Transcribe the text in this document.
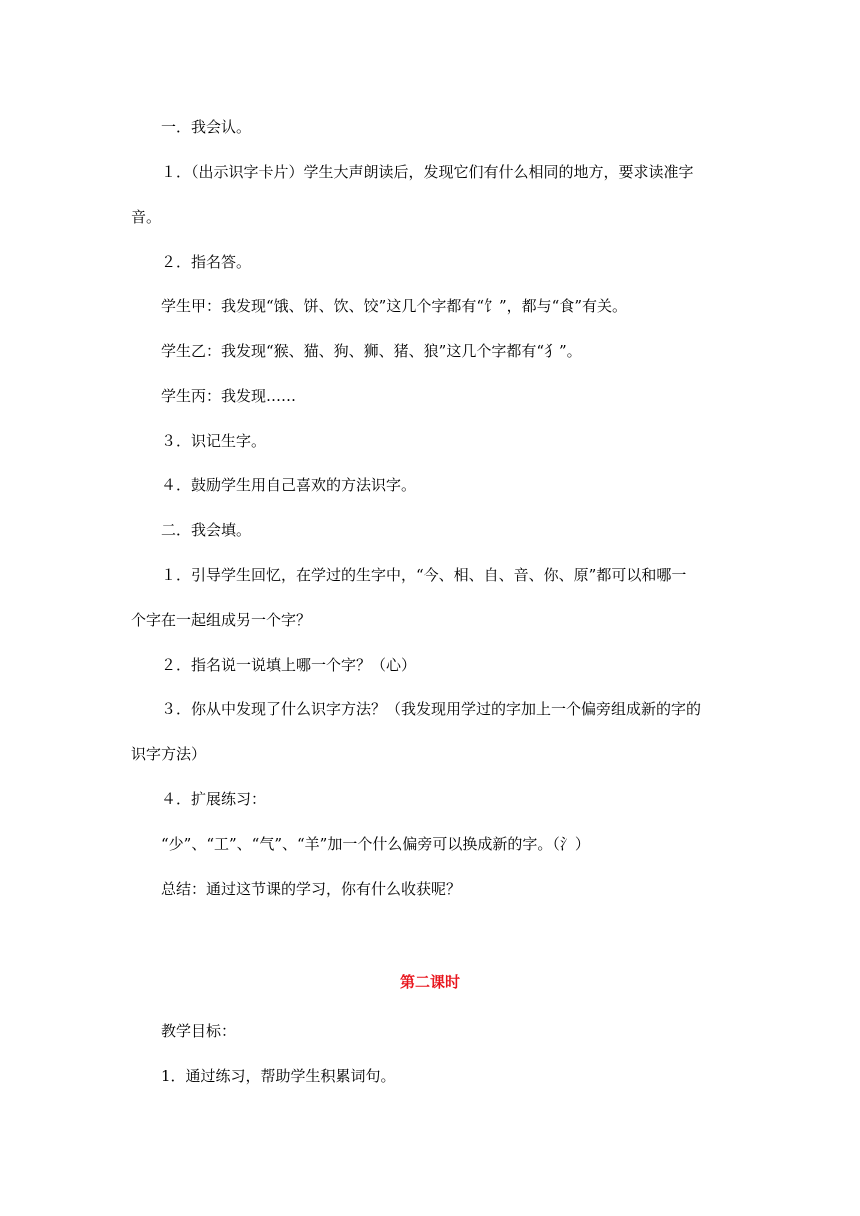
一．我会认。
１．（出示识字卡片）学生大声朗读后，发现它们有什么相同的地方，要求读准字
音。
２．指名答。
学生甲：我发现“饿、饼、饮、饺”这几个字都有“饣”，都与“食”有关。
学生乙：我发现“猴、猫、狗、狮、猪、狼”这几个字都有“犭”。
学生丙：我发现……
３．识记生字。
４．鼓励学生用自己喜欢的方法识字。
二．我会填。
１．引导学生回忆，在学过的生字中，“今、相、自、音、你、原”都可以和哪一
个字在一起组成另一个字？
２．指名说一说填上哪一个字？（心）
３．你从中发现了什么识字方法？（我发现用学过的字加上一个偏旁组成新的字的
识字方法）
４．扩展练习：
“少”、“工”、“气”、“羊”加一个什么偏旁可以换成新的字。（氵）
总结：通过这节课的学习，你有什么收获呢？
第二课时
教学目标：
1．通过练习，帮助学生积累词句。
